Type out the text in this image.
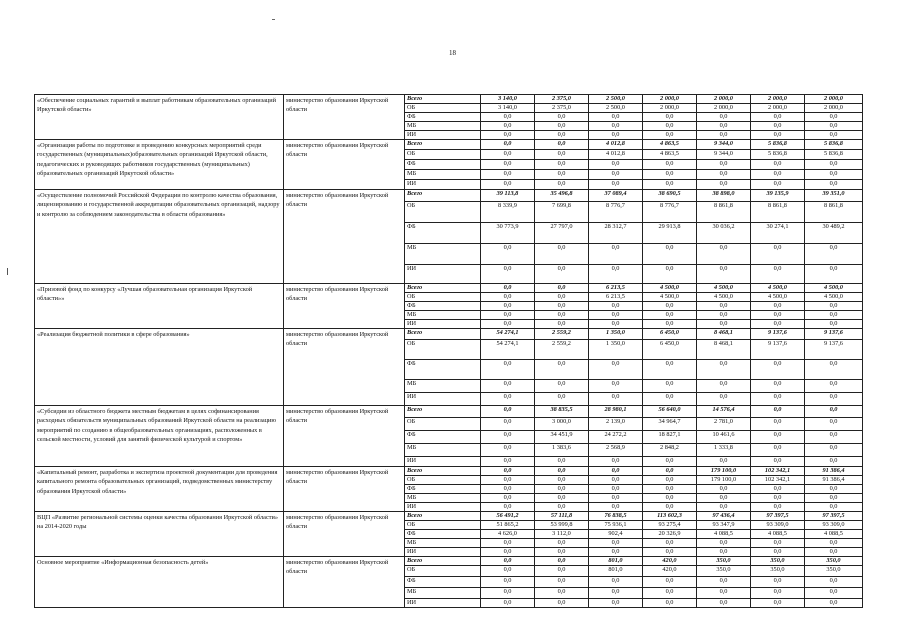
18
«Обеспечение социальных гарантий и выплат работникам образовательных организаций Иркутской области»	министерство образования Иркутской области	Всего	3 140,0	2 375,0	2 500,0	2 000,0	2 000,0	2 000,0	2 000,0
		ОБ	3 140,0	2 375,0	2 500,0	2 000,0	2 000,0	2 000,0	2 000,0
		ФБ	0,0	0,0	0,0	0,0	0,0	0,0	0,0
		МБ	0,0	0,0	0,0	0,0	0,0	0,0	0,0
		ИИ	0,0	0,0	0,0	0,0	0,0	0,0	0,0
«Организация работы по подготовке и проведению конкурсных мероприятий среди государственных (муниципальных)образовательных организаций Иркутской области, педагогических и руководящих работников государственных (муниципальных) образовательных организаций Иркутской области»	министерство образования Иркутской области	Всего	0,0	0,0	4 012,8	4 863,5	9 344,0	5 836,8	5 836,8
		ОБ	0,0	0,0	4 012,8	4 863,5	9 344,0	5 836,8	5 836,8
		ФБ	0,0	0,0	0,0	0,0	0,0	0,0	0,0
		МБ	0,0	0,0	0,0	0,0	0,0	0,0	0,0
		ИИ	0,0	0,0	0,0	0,0	0,0	0,0	0,0
«Осуществление полномочий Российской Федерации по контролю качества образования, лицензированию и государственной аккредитации образовательных организаций, надзору и контролю за соблюдением законодательства в области образования»	министерство образования Иркутской области	Всего	39 113,8	35 496,8	37 089,4	38 690,5	38 898,0	39 135,9	39 351,0
		ОБ	8 339,9	7 699,8	8 776,7	8 776,7	8 861,8	8 861,8	8 861,8
		ФБ	30 773,9	27 797,0	28 312,7	29 913,8	30 036,2	30 274,1	30 489,2
		МБ	0,0	0,0	0,0	0,0	0,0	0,0	0,0
		ИИ	0,0	0,0	0,0	0,0	0,0	0,0	0,0
«Призовой фонд по конкурсу «Лучшая образовательная организация Иркутской области»»	министерство образования Иркутской области	Всего	0,0	0,0	6 213,5	4 500,0	4 500,0	4 500,0	4 500,0
		ОБ	0,0	0,0	6 213,5	4 500,0	4 500,0	4 500,0	4 500,0
		ФБ	0,0	0,0	0,0	0,0	0,0	0,0	0,0
		МБ	0,0	0,0	0,0	0,0	0,0	0,0	0,0
		ИИ	0,0	0,0	0,0	0,0	0,0	0,0	0,0
«Реализация бюджетной политики в сфере образования»	министерство образования Иркутской области	Всего	54 274,1	2 559,2	1 350,0	6 450,0	8 468,1	9 137,6	9 137,6
		ОБ	54 274,1	2 559,2	1 350,0	6 450,0	8 468,1	9 137,6	9 137,6
		ФБ	0,0	0,0	0,0	0,0	0,0	0,0	0,0
		МБ	0,0	0,0	0,0	0,0	0,0	0,0	0,0
		ИИ	0,0	0,0	0,0	0,0	0,0	0,0	0,0
«Субсидии из областного бюджета местным бюджетам в целях софинансирования расходных обязательств муниципальных образований Иркутской области на реализацию мероприятий по созданию в общеобразовательных организациях, расположенных в сельской местности, условий для занятий физической культурой и спортом»	министерство образования Иркутской области	Всего	0,0	38 835,5	28 980,1	56 640,0	14 576,4	0,0	0,0
		ОБ	0,0	3 000,0	2 139,0	34 964,7	2 781,0	0,0	0,0
		ФБ	0,0	34 451,9	24 272,2	18 827,1	10 461,6	0,0	0,0
		МБ	0,0	1 383,6	2 568,9	2 848,2	1 333,8	0,0	0,0
		ИИ	0,0	0,0	0,0	0,0	0,0	0,0	0,0
«Капитальный ремонт, разработка и экспертиза проектной документации для проведения капитального ремонта образовательных организаций, подведомственных министерству образования Иркутской области»	министерство образования Иркутской области	Всего	0,0	0,0	0,0	0,0	179 100,0	102 342,1	91 386,4
		ОБ	0,0	0,0	0,0	0,0	179 100,0	102 342,1	91 386,4
		ФБ	0,0	0,0	0,0	0,0	0,0	0,0	0,0
		МБ	0,0	0,0	0,0	0,0	0,0	0,0	0,0
		ИИ	0,0	0,0	0,0	0,0	0,0	0,0	0,0
ВЦП «Развитие региональной системы оценки качества образования Иркутской области» на 2014-2020 годы	министерство образования Иркутской области	Всего	56 491,2	57 111,8	76 838,5	113 602,3	97 436,4	97 397,5	97 397,5
		ОБ	51 865,2	53 999,8	75 936,1	93 275,4	93 347,9	93 309,0	93 309,0
		ФБ	4 626,0	3 112,0	902,4	20 326,9	4 088,5	4 088,5	4 088,5
		МБ	0,0	0,0	0,0	0,0	0,0	0,0	0,0
		ИИ	0,0	0,0	0,0	0,0	0,0	0,0	0,0
Основное мероприятие «Информационная безопасность детей»	министерство образования Иркутской области	Всего	0,0	0,0	801,0	420,0	350,0	350,0	350,0
		ОБ	0,0	0,0	801,0	420,0	350,0	350,0	350,0
		ФБ	0,0	0,0	0,0	0,0	0,0	0,0	0,0
		МБ	0,0	0,0	0,0	0,0	0,0	0,0	0,0
		ИИ	0,0	0,0	0,0	0,0	0,0	0,0	0,0
